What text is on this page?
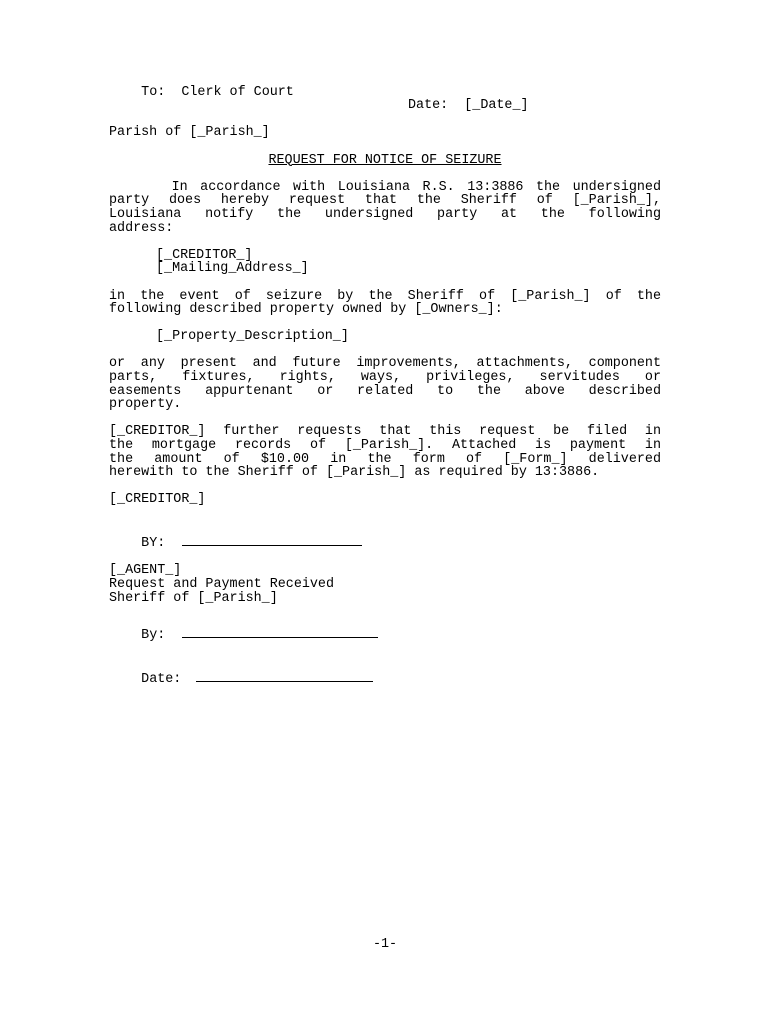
To:  Clerk of Court

Date:  [_Date_]

Parish of [_Parish_]
REQUEST FOR NOTICE OF SEIZURE
In accordance with Louisiana R.S. 13:3886 the undersigned
party does hereby request that the Sheriff of [_Parish_],
Louisiana notify the undersigned party at the following
address:
[_CREDITOR_]
[_Mailing_Address_]
in the event of seizure by the Sheriff of [_Parish_] of the
following described property owned by [_Owners_]:
[_Property_Description_]
or any present and future improvements, attachments, component
parts, fixtures, rights, ways, privileges, servitudes or
easements appurtenant or related to the above described
property.
[_CREDITOR_] further requests that this request be filed in
the mortgage records of [_Parish_]. Attached is payment in
the amount of $10.00 in the form of [_Form_] delivered
herewith to the Sheriff of [_Parish_] as required by 13:3886.
[_CREDITOR_]

BY:

[_AGENT_]
Request and Payment Received
Sheriff of [_Parish_]

By:

Date:

-1-
